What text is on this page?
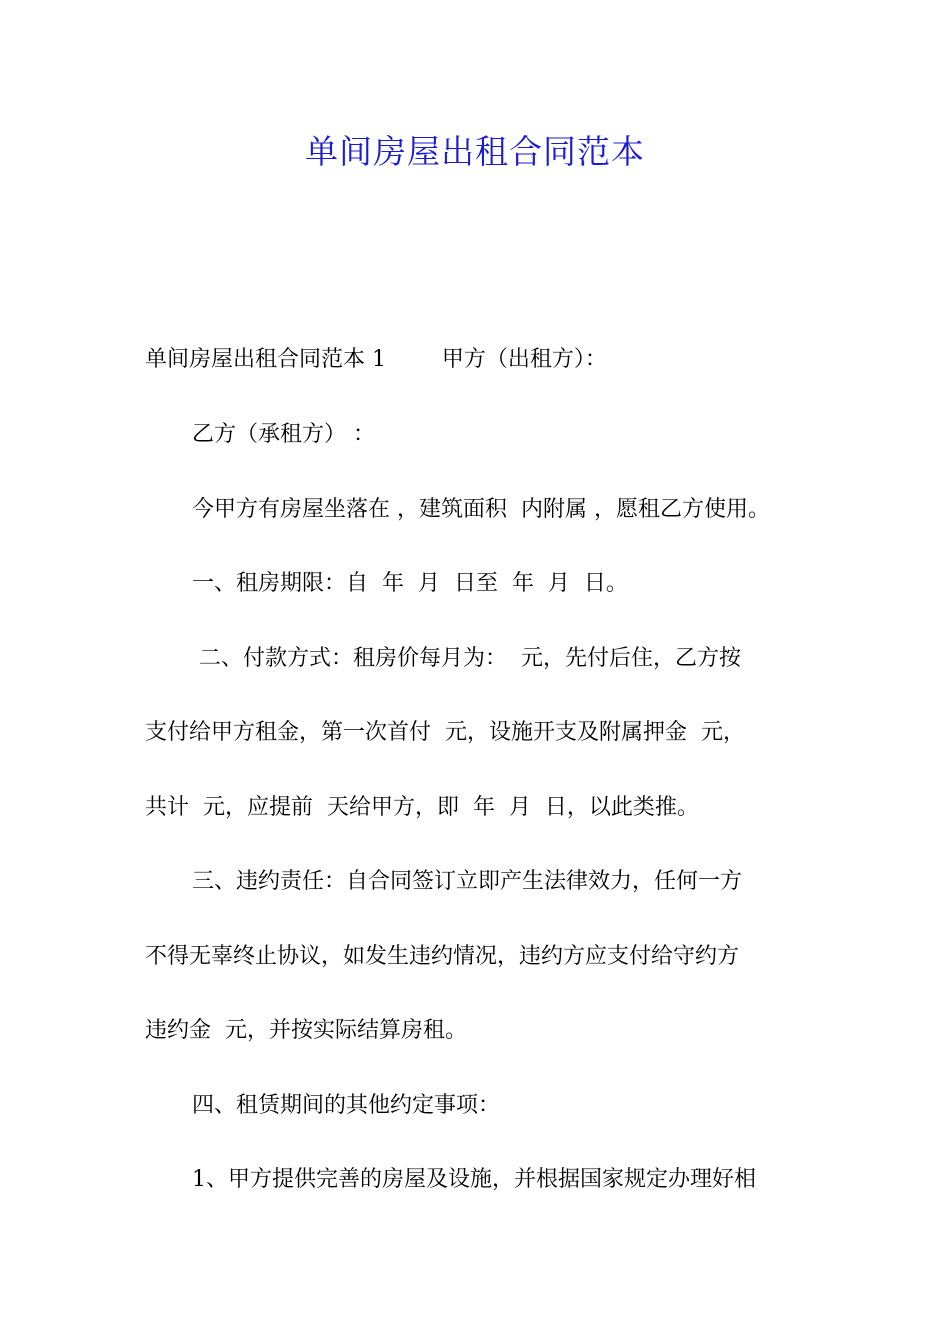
单间房屋出租合同范本

单间房屋出租合同范本 1        甲方（出租方）：

乙方（承租方） ：

今甲方有房屋坐落在 ，建筑面积  内附属 ，愿租乙方使用。

一、租房期限：自  年  月  日至  年  月  日。

二、付款方式：租房价每月为：  元，先付后住，乙方按

支付给甲方租金，第一次首付  元，设施开支及附属押金  元，

共计  元，应提前  天给甲方，即  年  月  日，以此类推。

三、违约责任：自合同签订立即产生法律效力，任何一方

不得无辜终止协议，如发生违约情况，违约方应支付给守约方

违约金  元，并按实际结算房租。

四、租赁期间的其他约定事项：

1、甲方提供完善的房屋及设施，并根据国家规定办理好相
